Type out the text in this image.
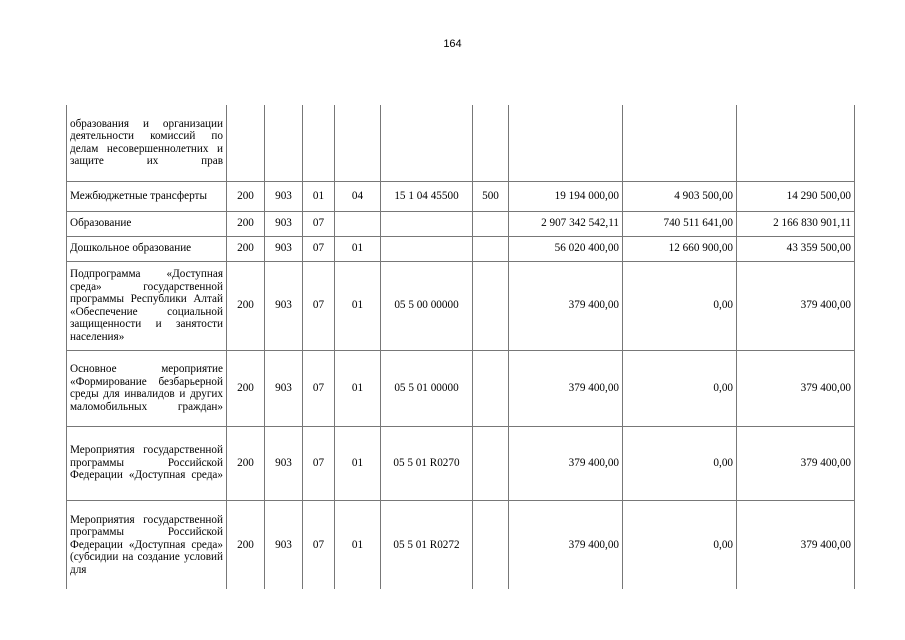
164
образования и организации деятельности комиссий по делам несовершеннолетних и защите их прав									
Межбюджетные трансферты	200	903	01	04	15 1 04 45500	500	19 194 000,00	4 903 500,00	14 290 500,00
Образование	200	903	07				2 907 342 542,11	740 511 641,00	2 166 830 901,11
Дошкольное образование	200	903	07	01			56 020 400,00	12 660 900,00	43 359 500,00
Подпрограмма «Доступная среда» государственной программы Республики Алтай «Обеспечение социальной защищенности и занятости населения»	200	903	07	01	05 5 00 00000		379 400,00	0,00	379 400,00
Основное мероприятие «Формирование безбарьерной среды для инвалидов и других маломобильных граждан»	200	903	07	01	05 5 01 00000		379 400,00	0,00	379 400,00
Мероприятия государственной программы Российской Федерации «Доступная среда»	200	903	07	01	05 5 01 R0270		379 400,00	0,00	379 400,00
Мероприятия государственной программы Российской Федерации «Доступная среда» (субсидии на создание условий для	200	903	07	01	05 5 01 R0272		379 400,00	0,00	379 400,00
